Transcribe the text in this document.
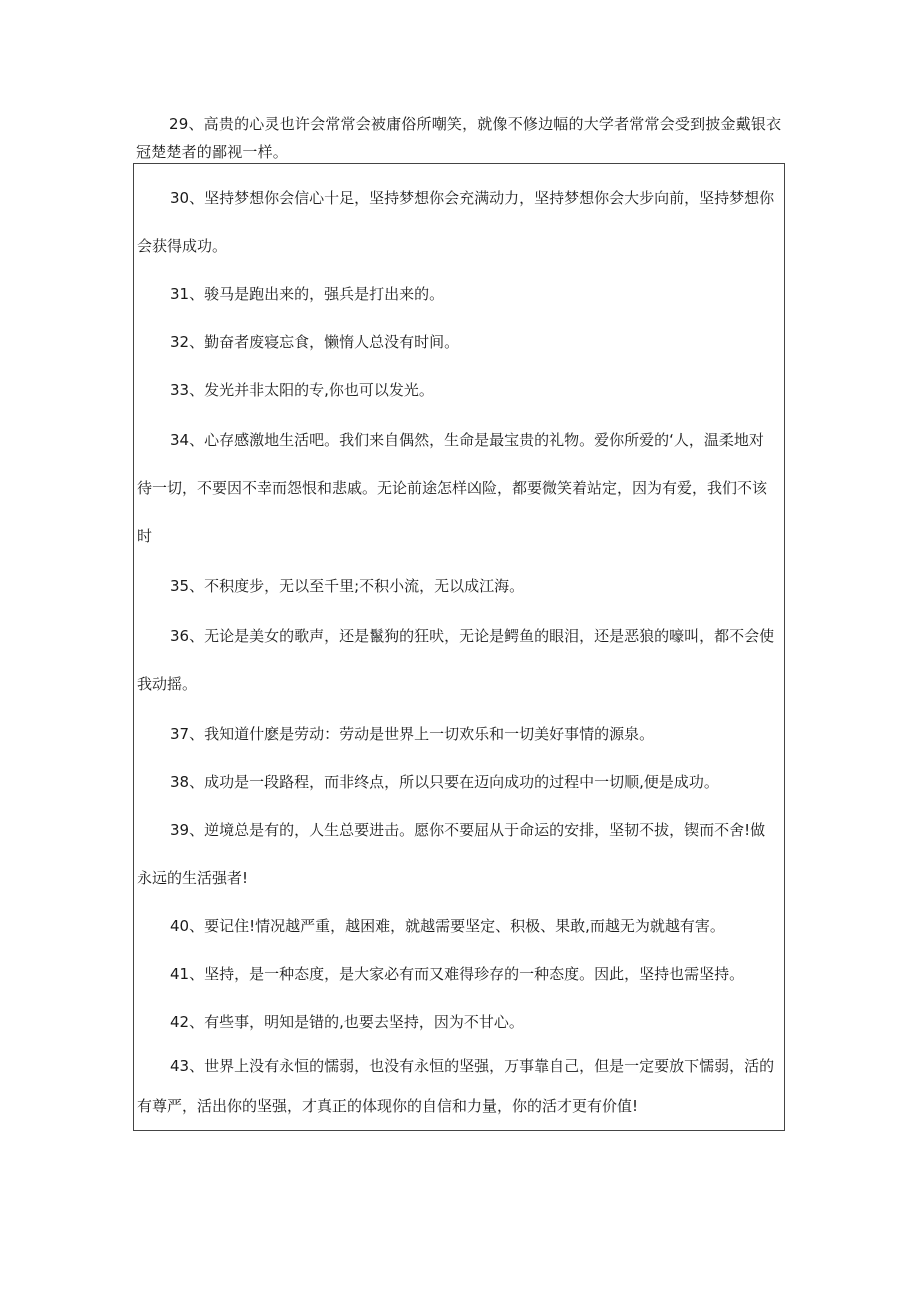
29、高贵的心灵也许会常常会被庸俗所嘲笑，就像不修边幅的大学者常常会受到披金戴银衣
冠楚楚者的鄙视一样。

30、坚持梦想你会信心十足，坚持梦想你会充满动力，坚持梦想你会大步向前，坚持梦想你
会获得成功。

31、骏马是跑出来的，强兵是打出来的。

32、勤奋者废寝忘食，懒惰人总没有时间。

33、发光并非太阳的专,你也可以发光。

34、心存感激地生活吧。我们来自偶然，生命是最宝贵的礼物。爱你所爱的‘人，温柔地对
待一切，不要因不幸而怨恨和悲戚。无论前途怎样凶险，都要微笑着站定，因为有爱，我们不该
时

35、不积度步，无以至千里;不积小流，无以成江海。

36、无论是美女的歌声，还是鬣狗的狂吠，无论是鳄鱼的眼泪，还是恶狼的嚎叫，都不会使
我动摇。

37、我知道什麽是劳动：劳动是世界上一切欢乐和一切美好事情的源泉。

38、成功是一段路程，而非终点，所以只要在迈向成功的过程中一切顺,便是成功。

39、逆境总是有的，人生总要进击。愿你不要屈从于命运的安排，坚韧不拔，锲而不舍!做
永远的生活强者!

40、要记住!情况越严重，越困难，就越需要坚定、积极、果敢,而越无为就越有害。

41、坚持，是一种态度，是大家必有而又难得珍存的一种态度。因此，坚持也需坚持。

42、有些事，明知是错的,也要去坚持，因为不甘心。

43、世界上没有永恒的懦弱，也没有永恒的坚强，万事靠自己，但是一定要放下懦弱，活的
有尊严，活出你的坚强，才真正的体现你的自信和力量，你的活才更有价值!
